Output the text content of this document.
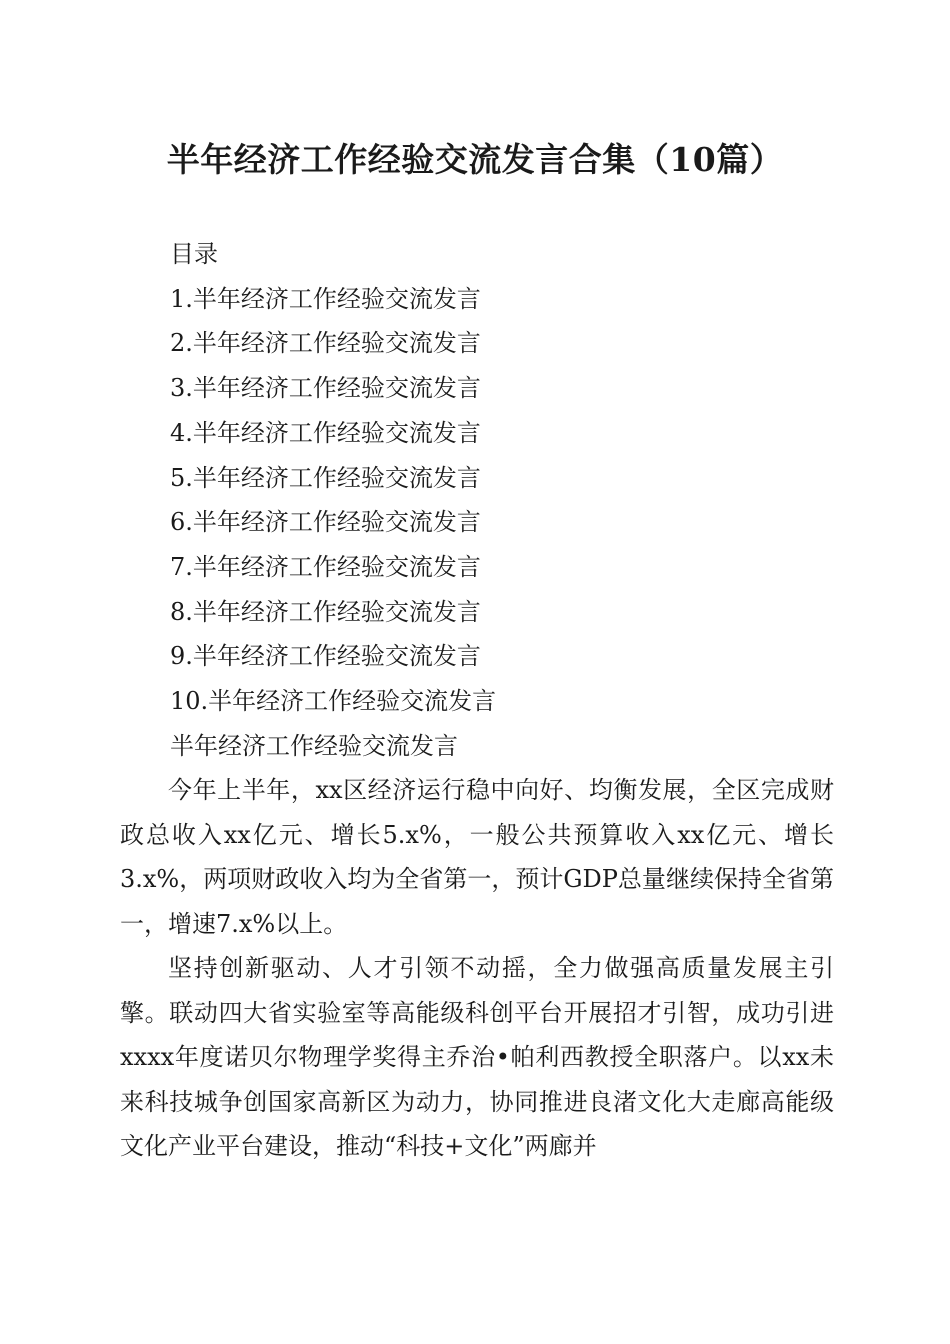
半年经济工作经验交流发言合集（10篇）
目录
1.半年经济工作经验交流发言
2.半年经济工作经验交流发言
3.半年经济工作经验交流发言
4.半年经济工作经验交流发言
5.半年经济工作经验交流发言
6.半年经济工作经验交流发言
7.半年经济工作经验交流发言
8.半年经济工作经验交流发言
9.半年经济工作经验交流发言
10.半年经济工作经验交流发言
半年经济工作经验交流发言

今年上半年，xx区经济运行稳中向好、均衡发展，全区完成财政总收入xx亿元、增长5.x%，一般公共预算收入xx亿元、增长3.x%，两项财政收入均为全省第一，预计GDP总量继续保持全省第一，增速7.x%以上。

坚持创新驱动、人才引领不动摇，全力做强高质量发展主引擎。联动四大省实验室等高能级科创平台开展招才引智，成功引进xxxx年度诺贝尔物理学奖得主乔治•帕利西教授全职落户。以xx未来科技城争创国家高新区为动力，协同推进良渚文化大走廊高能级文化产业平台建设，推动“科技+文化”两廊并
